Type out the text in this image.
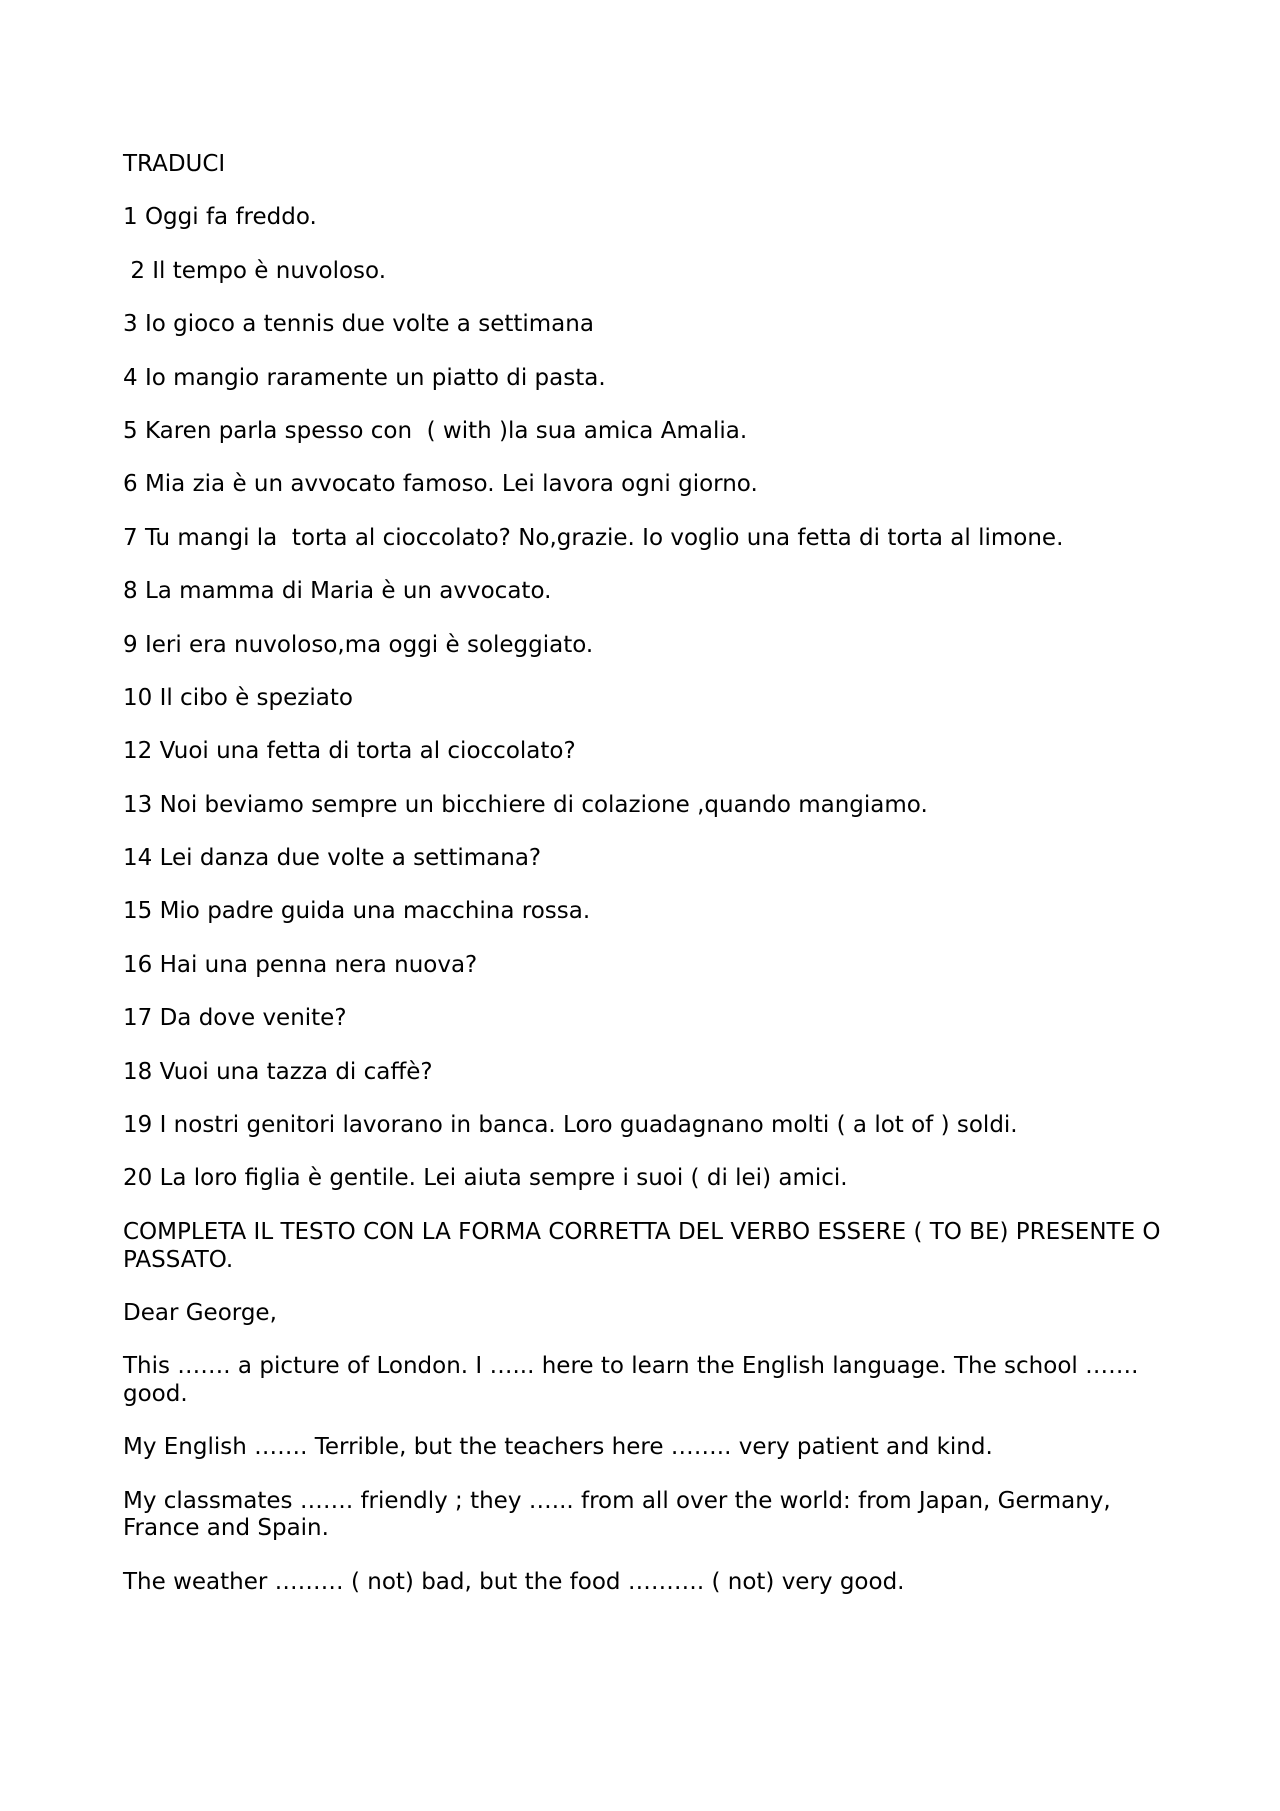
TRADUCI

1 Oggi fa freddo.

2 Il tempo è nuvoloso.

3 Io gioco a tennis due volte a settimana

4 Io mangio raramente un piatto di pasta.

5 Karen parla spesso con  ( with )la sua amica Amalia.

6 Mia zia è un avvocato famoso. Lei lavora ogni giorno.

7 Tu mangi la  torta al cioccolato? No,grazie. Io voglio una fetta di torta al limone.

8 La mamma di Maria è un avvocato.

9 Ieri era nuvoloso,ma oggi è soleggiato.

10 Il cibo è speziato

12 Vuoi una fetta di torta al cioccolato?

13 Noi beviamo sempre un bicchiere di colazione ,quando mangiamo.

14 Lei danza due volte a settimana?

15 Mio padre guida una macchina rossa.

16 Hai una penna nera nuova?

17 Da dove venite?

18 Vuoi una tazza di caffè?

19 I nostri genitori lavorano in banca. Loro guadagnano molti ( a lot of ) soldi.

20 La loro figlia è gentile. Lei aiuta sempre i suoi ( di lei) amici.

COMPLETA IL TESTO CON LA FORMA CORRETTA DEL VERBO ESSERE ( TO BE) PRESENTE O PASSATO.

Dear George,

This ……. a picture of London. I …... here to learn the English language. The school ……. good.

My English ……. Terrible, but the teachers here …….. very patient and kind.

My classmates ……. friendly ; they …... from all over the world: from Japan, Germany, France and Spain.

The weather ……… ( not) bad, but the food ………. ( not) very good.
